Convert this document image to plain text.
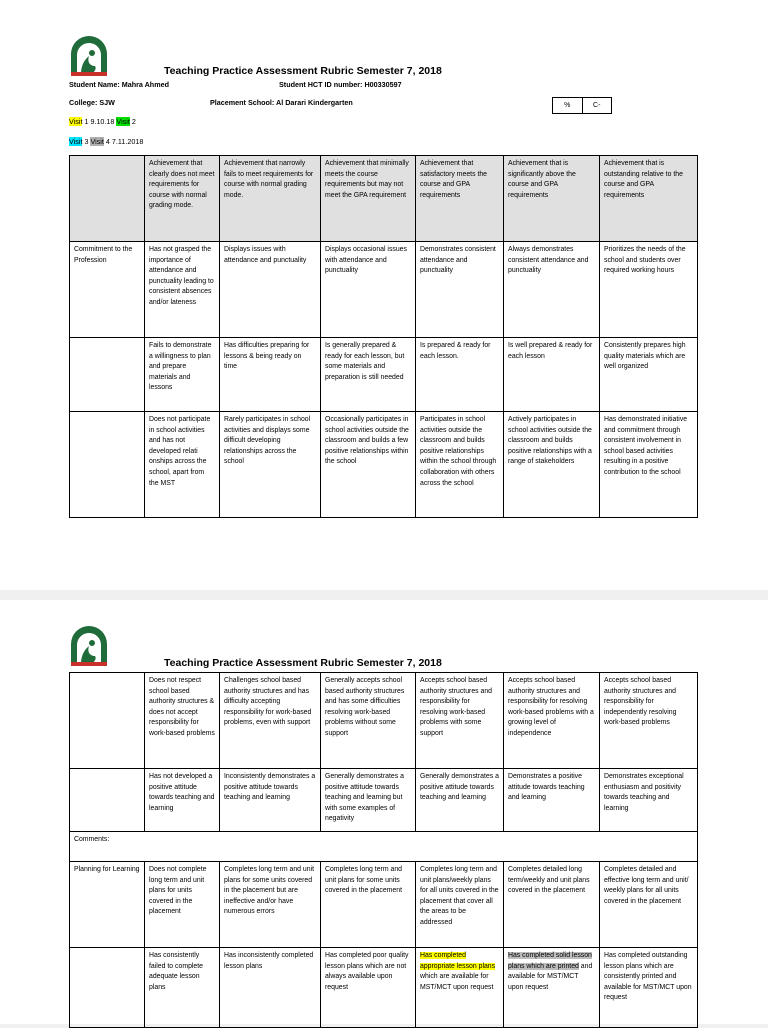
Teaching Practice Assessment Rubric Semester 7, 2018
Student Name: Mahra Ahmed	Student HCT ID number: H00330597
College: SJW	Placement School: Al Darari Kindergarten	%	C-
Visit 1 9.10.18 Visit 2
Visit 3 Visit 4 7.11.2018
	Achievement that clearly does not meet requirements for course with normal grading mode.	Achievement that narrowly fails to meet requirements for course with normal grading mode.	Achievement that minimally meets the course requirements but may not meet the GPA requirement	Achievement that satisfactory meets the course and GPA requirements	Achievement that is significantly above the course and GPA requirements	Achievement that is outstanding relative to the course and GPA requirements
Commitment to the Profession	Has not grasped the importance of attendance and punctuality leading to consistent absences and/or lateness	Displays issues with attendance and punctuality	Displays occasional issues with attendance and punctuality	Demonstrates consistent attendance and punctuality	Always demonstrates consistent attendance and punctuality	Prioritizes the needs of the school and students over required working hours
	Fails to demonstrate a willingness to plan and prepare materials and lessons	Has difficulties preparing for lessons & being ready on time	Is generally prepared & ready for each lesson, but some materials and preparation is still needed	Is prepared & ready for each lesson.	Is well prepared & ready for each lesson	Consistently prepares high quality materials which are well organized
	Does not participate in school activities and has not developed relati onships across the school, apart from the MST	Rarely participates in school activities and displays some difficult developing relationships across the school	Occasionally participates in school activities outside the classroom and builds a few positive relationships within the school	Participates in school activities outside the classroom and builds positive relationships within the school through collaboration with others across the school	Actively participates in school activities outside the classroom and builds positive relationships with a range of stakeholders	Has demonstrated initiative and commitment through consistent involvement in school based activities resulting in a positive contribution to the school
Teaching Practice Assessment Rubric Semester 7, 2018
	Does not respect school based authority structures & does not accept responsibility for work-based problems	Challenges school based authority structures and has difficulty accepting responsibility for work-based problems, even with support	Generally accepts school based authority structures and has some difficulties resolving work-based problems without some support	Accepts school based authority structures and responsibility for resolving work-based problems with some support	Accepts school based authority structures and responsibility for resolving work-based problems with a growing level of independence	Accepts school based authority structures and responsibility for independently resolving work-based problems
	Has not developed a positive attitude towards teaching and learning	Inconsistently demonstrates a positive attitude towards teaching and learning	Generally demonstrates a positive attitude towards teaching and learning but with some examples of negativity	Generally demonstrates a positive attitude towards teaching and learning	Demonstrates a positive attitude towards teaching and learning	Demonstrates exceptional enthusiasm and positivity towards teaching and learning
Comments:						
Planning for Learning	Does not complete long term and unit plans for units covered in the placement	Completes long term and unit plans for some units covered in the placement but are ineffective and/or have numerous errors	Completes long term and unit plans for some units covered in the placement	Completes long term and unit plans/weekly plans for all units covered in the placement that cover all the areas to be addressed	Completes detailed long term/weekly and unit plans covered in the placement	Completes detailed and effective long term and unit/ weekly plans for all units covered in the placement
	Has consistently failed to complete adequate lesson plans	Has inconsistently completed lesson plans	Has completed poor quality lesson plans which are not always available upon request	Has completed appropriate lesson plans which are available for MST/MCT upon request	Has completed solid lesson plans which are printed and available for MST/MCT upon request	Has completed outstanding lesson plans which are consistently printed and available for MST/MCT upon request
